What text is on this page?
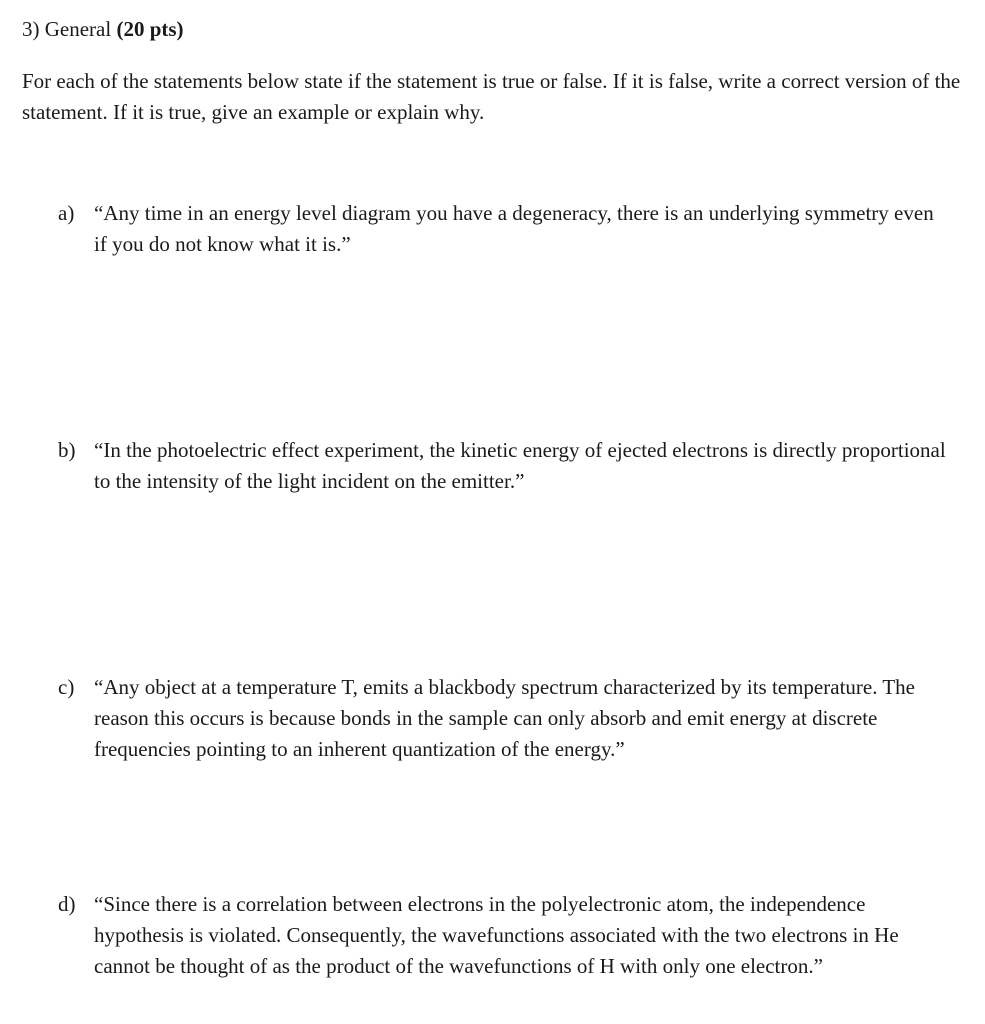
3) General (20 pts)
For each of the statements below state if the statement is true or false. If it is false, write a correct version of the statement. If it is true, give an example or explain why.
a) “Any time in an energy level diagram you have a degeneracy, there is an underlying symmetry even if you do not know what it is.”
b) “In the photoelectric effect experiment, the kinetic energy of ejected electrons is directly proportional to the intensity of the light incident on the emitter.”
c) “Any object at a temperature T, emits a blackbody spectrum characterized by its temperature. The reason this occurs is because bonds in the sample can only absorb and emit energy at discrete frequencies pointing to an inherent quantization of the energy.”
d) “Since there is a correlation between electrons in the polyelectronic atom, the independence hypothesis is violated. Consequently, the wavefunctions associated with the two electrons in He cannot be thought of as the product of the wavefunctions of H with only one electron.”
